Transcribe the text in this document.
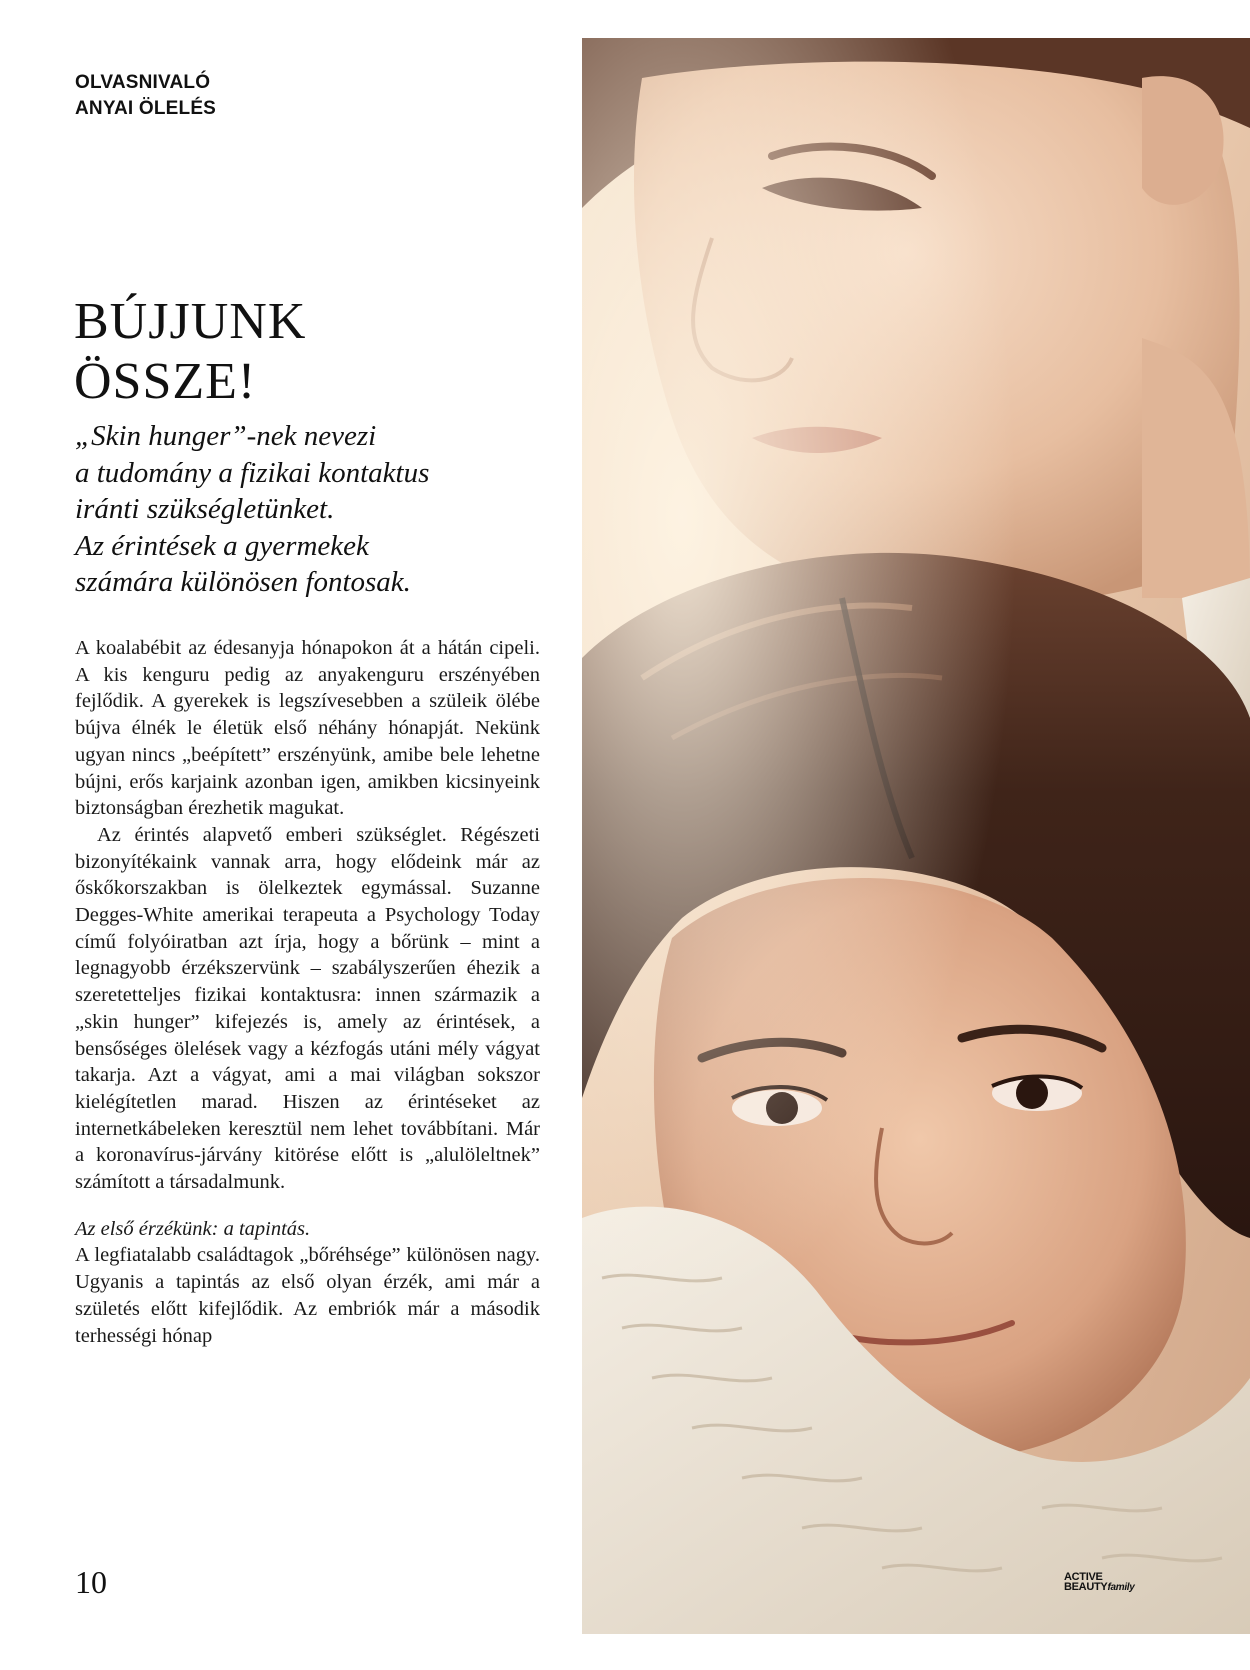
OLVASNIVALÓ
ANYAI ÖLELÉS
BÚJJUNK
ÖSSZE!
„Skin hunger”-nek nevezi
a tudomány a fizikai kontaktus
iránti szükségletünket.
Az érintések a gyermekek
számára különösen fontosak.
A koalabébit az édesanyja hónapokon át a hátán cipeli. A kis kenguru pedig az anyakenguru erszényében fejlődik. A gyerekek is legszívesebben a szüleik ölébe bújva élnék le életük első néhány hónapját. Nekünk ugyan nincs „beépített” erszényünk, amibe bele lehetne bújni, erős karjaink azonban igen, amikben kicsinyeink biztonságban érezhetik magukat.
Az érintés alapvető emberi szükséglet. Régészeti bizonyítékaink vannak arra, hogy elődeink már az őskőkorszakban is ölelkeztek egymással. Suzanne Degges-White amerikai terapeuta a Psychology Today című folyóiratban azt írja, hogy a bőrünk – mint a legnagyobb érzékszervünk – szabályszerűen éhezik a szeretetteljes fizikai kontaktusra: innen származik a „skin hunger” kifejezés is, amely az érintések, a bensőséges ölelések vagy a kézfogás utáni mély vágyat takarja. Azt a vágyat, ami a mai világban sokszor kielégítetlen marad. Hiszen az érintéseket az internetkábeleken keresztül nem lehet továbbítani. Már a koronavírus-járvány kitörése előtt is „alulöleltnek” számított a társadalmunk.
Az első érzékünk: a tapintás.
A legfiatalabb családtagok „bőréhsége” különösen nagy. Ugyanis a tapintás az első olyan érzék, ami már a születés előtt kifejlődik. Az embriók már a második terhességi hónap
10	ACTIVE
BEAUTYfamily
